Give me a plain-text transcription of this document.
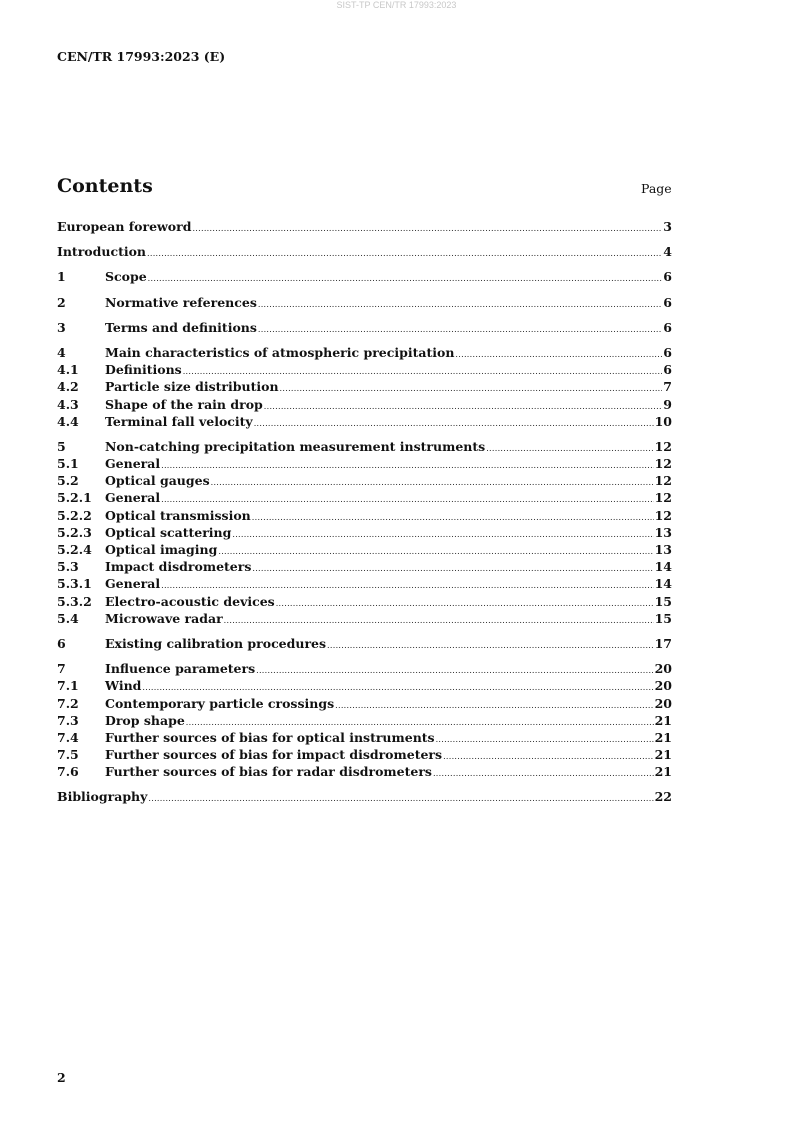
SIST-TP CEN/TR 17993:2023
CEN/TR 17993:2023 (E)
Contents	Page
European foreword .....	3
Introduction .....	4
1	Scope .....	6
2	Normative references .....	6
3	Terms and definitions .....	6
4	Main characteristics of atmospheric precipitation .....	6
4.1	Definitions .....	6
4.2	Particle size distribution .....	7
4.3	Shape of the rain drop .....	9
4.4	Terminal fall velocity .....	10
5	Non-catching precipitation measurement instruments .....	12
5.1	General .....	12
5.2	Optical gauges .....	12
5.2.1	General .....	12
5.2.2	Optical transmission .....	12
5.2.3	Optical scattering .....	13
5.2.4	Optical imaging .....	13
5.3	Impact disdrometers .....	14
5.3.1	General .....	14
5.3.2	Electro-acoustic devices .....	15
5.4	Microwave radar .....	15
6	Existing calibration procedures .....	17
7	Influence parameters .....	20
7.1	Wind .....	20
7.2	Contemporary particle crossings .....	20
7.3	Drop shape .....	21
7.4	Further sources of bias for optical instruments .....	21
7.5	Further sources of bias for impact disdrometers .....	21
7.6	Further sources of bias for radar disdrometers .....	21
Bibliography .....	22
2
